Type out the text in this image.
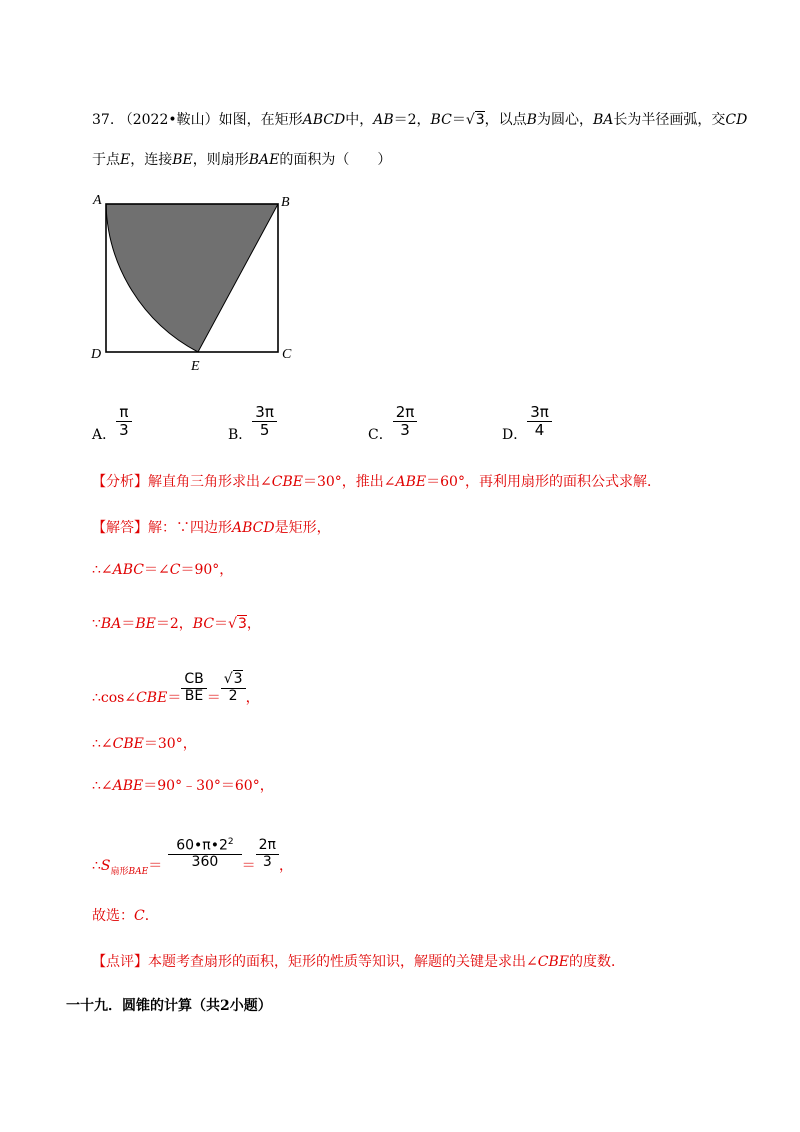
37. （2022•鞍山）如图，在矩形ABCD中，AB＝2，BC＝√3，以点B为圆心，BA长为半径画弧，交CD
于点E，连接BE，则扇形BAE的面积为（　　）
A	B
D	C
E
A． $\frac{\pi}{3}$	B． $\frac{3\pi}{5}$	C． $\frac{2\pi}{3}$	D． $\frac{3\pi}{4}$
【分析】解直角三角形求出∠CBE＝30°，推出∠ABE＝60°，再利用扇形的面积公式求解．
【解答】解：∵四边形ABCD是矩形，
∴∠ABC＝∠C＝90°，
∵BA＝BE＝2，BC＝√3，
∴cos∠CBE＝ $\frac{CB}{BE} = \frac{√3}{2}$ ，
∴∠CBE＝30°，
∴∠ABE＝90°﹣30°＝60°，
$\therefore S_{扇形BAE}= \frac{60•\pi•2^2}{360} = \frac{2\pi}{3}$ ，
故选：C．
【点评】本题考查扇形的面积，矩形的性质等知识，解题的关键是求出∠CBE的度数．
一十九．圆锥的计算（共2小题）
